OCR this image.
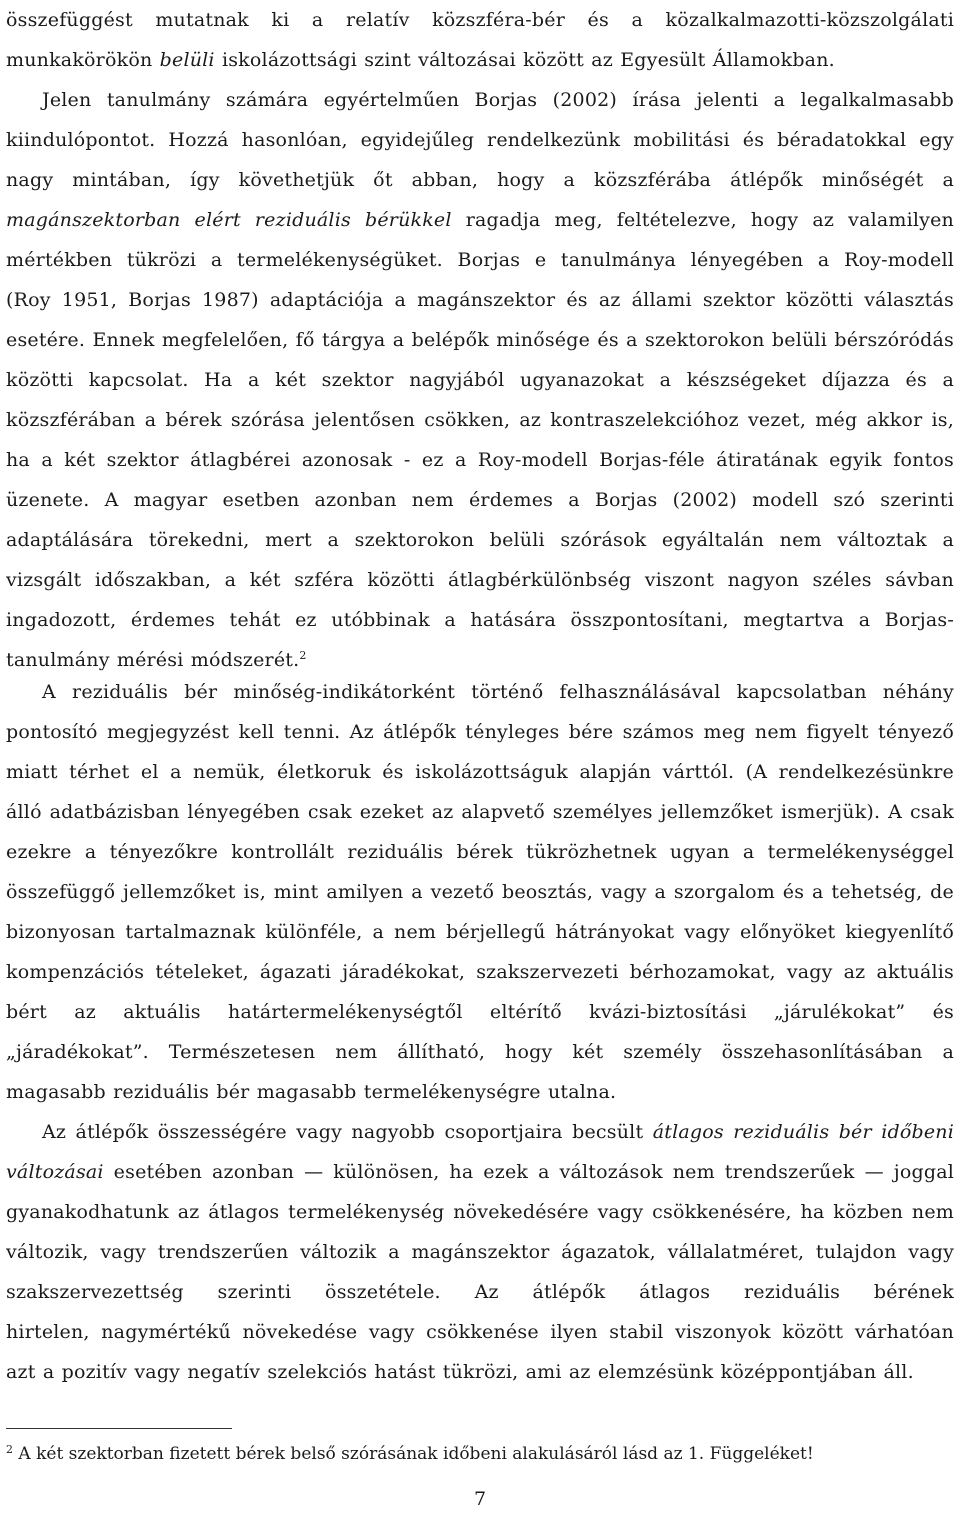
összefüggést mutatnak ki a relatív közszféra-bér és a közalkalmazotti-közszolgálati
munkakörökön belüli iskolázottsági szint változásai között az Egyesült Államokban.
Jelen tanulmány számára egyértelműen Borjas (2002) írása jelenti a legalkalmasabb
kiindulópontot. Hozzá hasonlóan, egyidejűleg rendelkezünk mobilitási és béradatokkal egy
nagy mintában, így követhetjük őt abban, hogy a közszférába átlépők minőségét a
magánszektorban elért reziduális bérükkel ragadja meg, feltételezve, hogy az valamilyen
mértékben tükrözi a termelékenységüket. Borjas e tanulmánya lényegében a Roy-modell
(Roy 1951, Borjas 1987) adaptációja a magánszektor és az állami szektor közötti választás
esetére. Ennek megfelelően, fő tárgya a belépők minősége és a szektorokon belüli bérszóródás
közötti kapcsolat. Ha a két szektor nagyjából ugyanazokat a készségeket díjazza és a
közszférában a bérek szórása jelentősen csökken, az kontraszelekcióhoz vezet, még akkor is,
ha a két szektor átlagbérei azonosak - ez a Roy-modell Borjas-féle átiratának egyik fontos
üzenete. A magyar esetben azonban nem érdemes a Borjas (2002) modell szó szerinti
adaptálására törekedni, mert a szektorokon belüli szórások egyáltalán nem változtak a
vizsgált időszakban, a két szféra közötti átlagbérkülönbség viszont nagyon széles sávban
ingadozott, érdemes tehát ez utóbbinak a hatására összpontosítani, megtartva a Borjas-
tanulmány mérési módszerét.$^2$
A reziduális bér minőség-indikátorként történő felhasználásával kapcsolatban néhány
pontosító megjegyzést kell tenni. Az átlépők tényleges bére számos meg nem figyelt tényező
miatt térhet el a nemük, életkoruk és iskolázottságuk alapján várttól. (A rendelkezésünkre
álló adatbázisban lényegében csak ezeket az alapvető személyes jellemzőket ismerjük). A csak
ezekre a tényezőkre kontrollált reziduális bérek tükrözhetnek ugyan a termelékenységgel
összefüggő jellemzőket is, mint amilyen a vezető beosztás, vagy a szorgalom és a tehetség, de
bizonyosan tartalmaznak különféle, a nem bérjellegű hátrányokat vagy előnyöket kiegyenlítő
kompenzációs tételeket, ágazati járadékokat, szakszervezeti bérhozamokat, vagy az aktuális
bért az aktuális határtermelékenységtől eltérítő kvázi-biztosítási „járulékokat” és
„járadékokat”. Természetesen nem állítható, hogy két személy összehasonlításában a
magasabb reziduális bér magasabb termelékenységre utalna.
Az átlépők összességére vagy nagyobb csoportjaira becsült átlagos reziduális bér időbeni
változásai esetében azonban — különösen, ha ezek a változások nem trendszerűek — joggal
gyanakodhatunk az átlagos termelékenység növekedésére vagy csökkenésére, ha közben nem
változik, vagy trendszerűen változik a magánszektor ágazatok, vállalatméret, tulajdon vagy
szakszervezettség szerinti összetétele. Az átlépők átlagos reziduális bérének
hirtelen, nagymértékű növekedése vagy csökkenése ilyen stabil viszonyok között várhatóan
azt a pozitív vagy negatív szelekciós hatást tükrözi, ami az elemzésünk középpontjában áll.
$^2$ A két szektorban fizetett bérek belső szórásának időbeni alakulásáról lásd az 1. Függeléket!
7
